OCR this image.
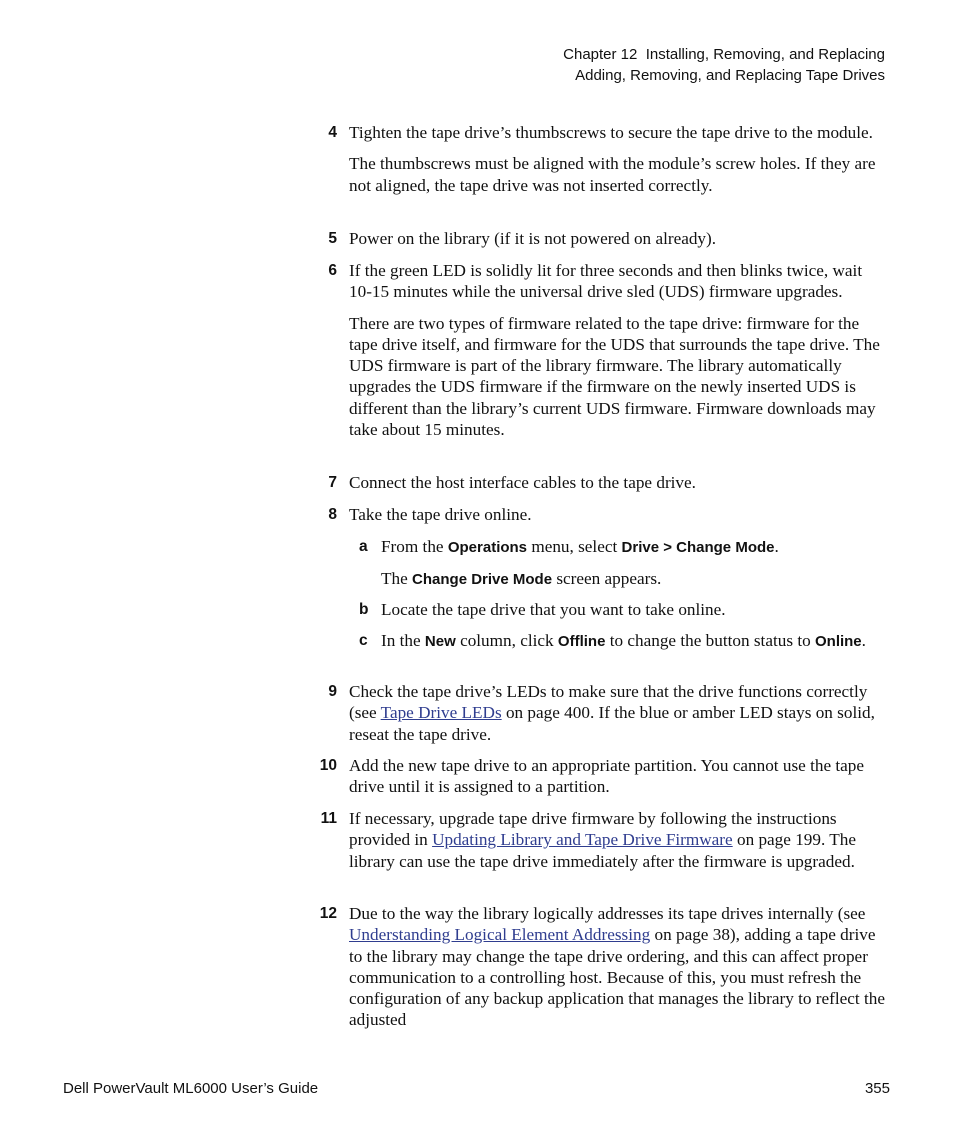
Chapter 12  Installing, Removing, and Replacing
Adding, Removing, and Replacing Tape Drives
4 Tighten the tape drive’s thumbscrews to secure the tape drive to the module.
The thumbscrews must be aligned with the module’s screw holes. If they are not aligned, the tape drive was not inserted correctly.
5 Power on the library (if it is not powered on already).
6 If the green LED is solidly lit for three seconds and then blinks twice, wait 10-15 minutes while the universal drive sled (UDS) firmware upgrades.
There are two types of firmware related to the tape drive: firmware for the tape drive itself, and firmware for the UDS that surrounds the tape drive. The UDS firmware is part of the library firmware. The library automatically upgrades the UDS firmware if the firmware on the newly inserted UDS is different than the library’s current UDS firmware. Firmware downloads may take about 15 minutes.
7 Connect the host interface cables to the tape drive.
8 Take the tape drive online.
a From the Operations menu, select Drive > Change Mode.
The Change Drive Mode screen appears.
b Locate the tape drive that you want to take online.
c In the New column, click Offline to change the button status to Online.
9 Check the tape drive’s LEDs to make sure that the drive functions correctly (see Tape Drive LEDs on page 400. If the blue or amber LED stays on solid, reseat the tape drive.
10 Add the new tape drive to an appropriate partition. You cannot use the tape drive until it is assigned to a partition.
11 If necessary, upgrade tape drive firmware by following the instructions provided in Updating Library and Tape Drive Firmware on page 199. The library can use the tape drive immediately after the firmware is upgraded.
12 Due to the way the library logically addresses its tape drives internally (see Understanding Logical Element Addressing on page 38), adding a tape drive to the library may change the tape drive ordering, and this can affect proper communication to a controlling host. Because of this, you must refresh the configuration of any backup application that manages the library to reflect the adjusted
Dell PowerVault ML6000 User’s Guide	355
